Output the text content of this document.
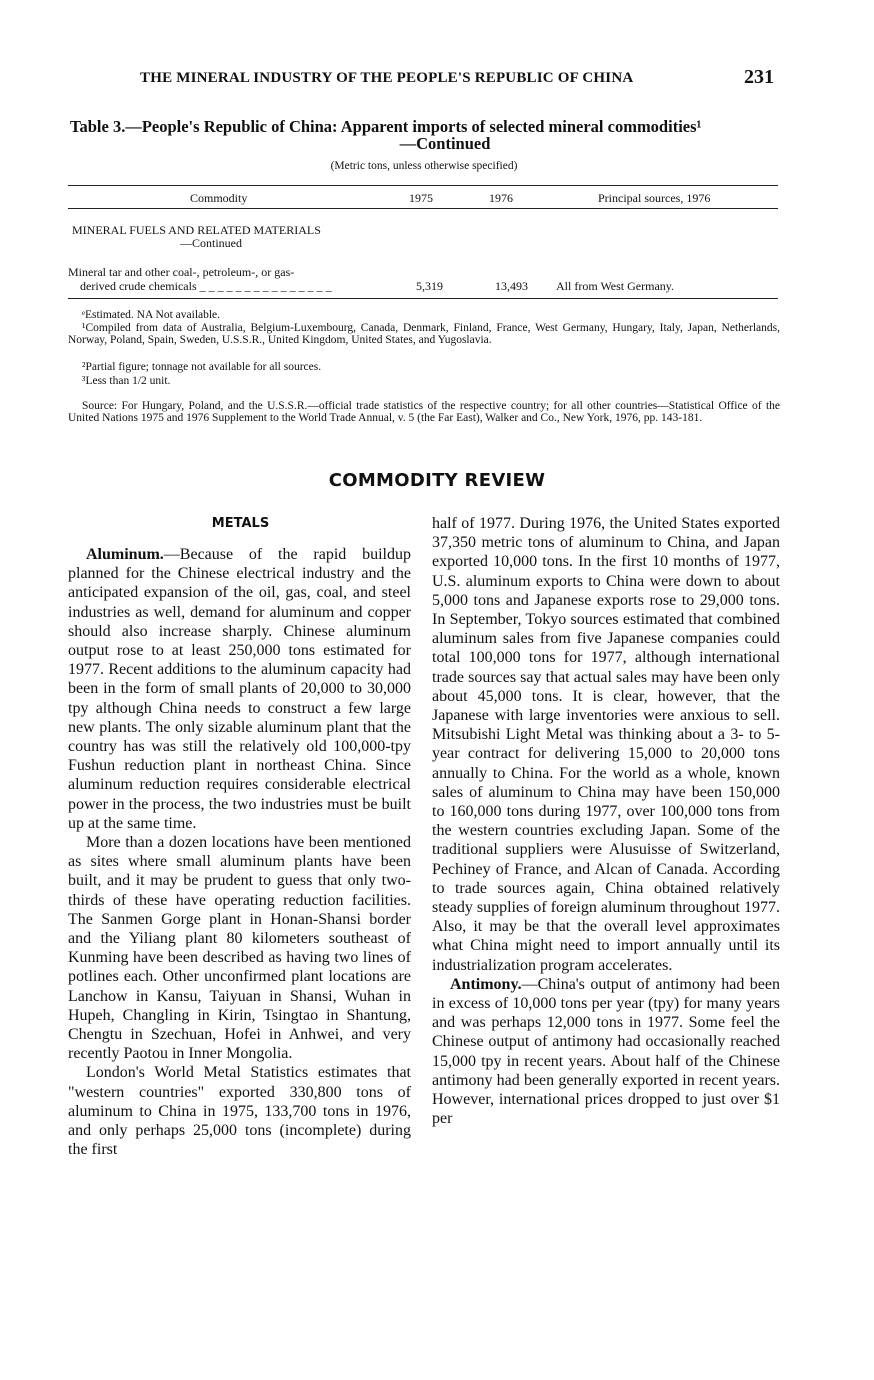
THE MINERAL INDUSTRY OF THE PEOPLE'S REPUBLIC OF CHINA	231
Table 3.—People's Republic of China: Apparent imports of selected mineral commodities¹
—Continued
(Metric tons, unless otherwise specified)
Commodity	1975	1976	Principal sources, 1976
MINERAL FUELS AND RELATED MATERIALS
—Continued
Mineral tar and other coal-, petroleum-, or gas-
derived crude chemicals _ _ _ _ _ _ _ _ _ _ _ _ _ _ _	5,319	13,493 All from West Germany.
ᵉEstimated. NA Not available.
¹Compiled from data of Australia, Belgium-Luxembourg, Canada, Denmark, Finland, France, West Germany, Hungary, Italy, Japan, Netherlands, Norway, Poland, Spain, Sweden, U.S.S.R., United Kingdom, United States, and Yugoslavia.
²Partial figure; tonnage not available for all sources.
³Less than 1/2 unit.
Source: For Hungary, Poland, and the U.S.S.R.—official trade statistics of the respective country; for all other countries—Statistical Office of the United Nations 1975 and 1976 Supplement to the World Trade Annual, v. 5 (the Far East), Walker and Co., New York, 1976, pp. 143-181.
COMMODITY REVIEW
METALS

Aluminum.—Because of the rapid buildup planned for the Chinese electrical industry and the anticipated expansion of the oil, gas, coal, and steel industries as well, demand for aluminum and copper should also increase sharply. Chinese aluminum output rose to at least 250,000 tons estimated for 1977. Recent additions to the aluminum capacity had been in the form of small plants of 20,000 to 30,000 tpy although China needs to construct a few large new plants. The only sizable aluminum plant that the country has was still the relatively old 100,000-tpy Fushun reduction plant in northeast China. Since aluminum reduction requires considerable electrical power in the process, the two industries must be built up at the same time.

More than a dozen locations have been mentioned as sites where small aluminum plants have been built, and it may be prudent to guess that only two-thirds of these have operating reduction facilities. The Sanmen Gorge plant in Honan-Shansi border and the Yiliang plant 80 kilometers southeast of Kunming have been described as having two lines of potlines each. Other unconfirmed plant locations are Lanchow in Kansu, Taiyuan in Shansi, Wuhan in Hupeh, Changling in Kirin, Tsingtao in Shantung, Chengtu in Szechuan, Hofei in Anhwei, and very recently Paotou in Inner Mongolia.

London's World Metal Statistics estimates that "western countries" exported 330,800 tons of aluminum to China in 1975, 133,700 tons in 1976, and only perhaps 25,000 tons (incomplete) during the first

half of 1977. During 1976, the United States exported 37,350 metric tons of aluminum to China, and Japan exported 10,000 tons. In the first 10 months of 1977, U.S. aluminum exports to China were down to about 5,000 tons and Japanese exports rose to 29,000 tons. In September, Tokyo sources estimated that combined aluminum sales from five Japanese companies could total 100,000 tons for 1977, although international trade sources say that actual sales may have been only about 45,000 tons. It is clear, however, that the Japanese with large inventories were anxious to sell. Mitsubishi Light Metal was thinking about a 3- to 5-year contract for delivering 15,000 to 20,000 tons annually to China. For the world as a whole, known sales of aluminum to China may have been 150,000 to 160,000 tons during 1977, over 100,000 tons from the western countries excluding Japan. Some of the traditional suppliers were Alusuisse of Switzerland, Pechiney of France, and Alcan of Canada. According to trade sources again, China obtained relatively steady supplies of foreign aluminum throughout 1977. Also, it may be that the overall level approximates what China might need to import annually until its industrialization program accelerates.

Antimony.—China's output of antimony had been in excess of 10,000 tons per year (tpy) for many years and was perhaps 12,000 tons in 1977. Some feel the Chinese output of antimony had occasionally reached 15,000 tpy in recent years. About half of the Chinese antimony had been generally exported in recent years. However, international prices dropped to just over $1 per
